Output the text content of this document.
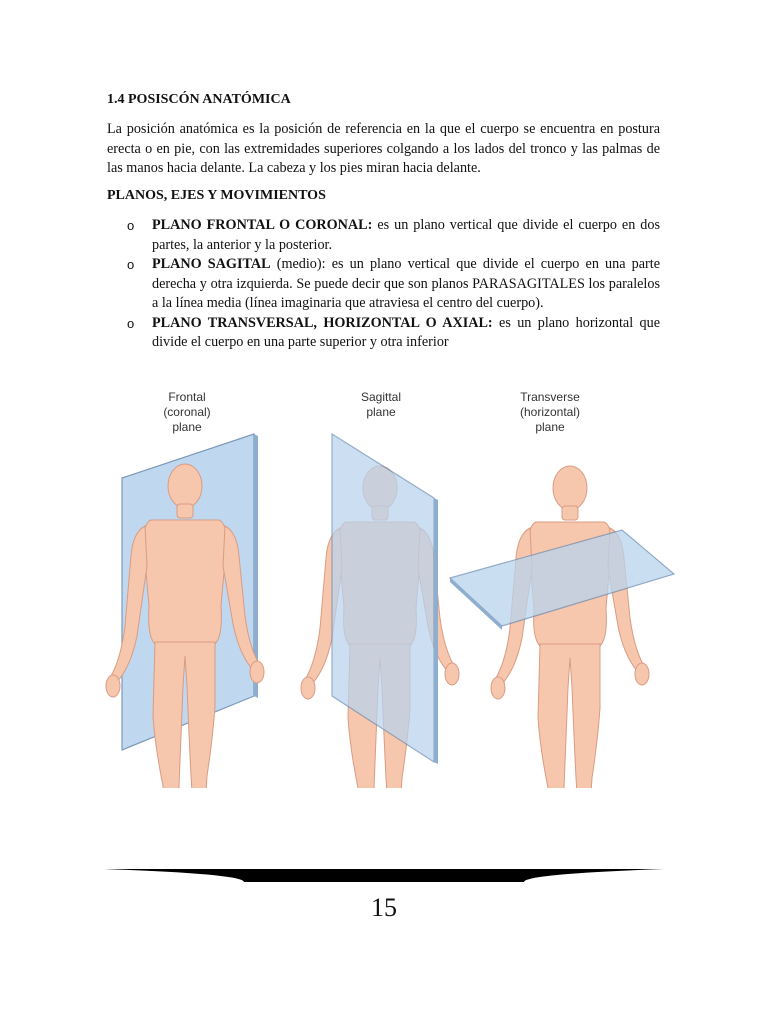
1.4 POSISCÓN ANATÓMICA

La posición anatómica es la posición de referencia en la que el cuerpo se encuentra en postura erecta o en pie, con las extremidades superiores colgando a los lados del tronco y las palmas de las manos hacia delante. La cabeza y los pies miran hacia delante.

PLANOS, EJES Y MOVIMIENTOS
o PLANO FRONTAL O CORONAL: es un plano vertical que divide el cuerpo en dos partes, la anterior y la posterior.
o PLANO SAGITAL (medio): es un plano vertical que divide el cuerpo en una parte derecha y otra izquierda. Se puede decir que son planos PARASAGITALES los paralelos a la línea media (línea imaginaria que atraviesa el centro del cuerpo).
o PLANO TRANSVERSAL, HORIZONTAL O AXIAL: es un plano horizontal que divide el cuerpo en una parte superior y otra inferior
Frontal
(coronal)
plane
Sagittal
plane
Transverse
(horizontal)
plane
15
